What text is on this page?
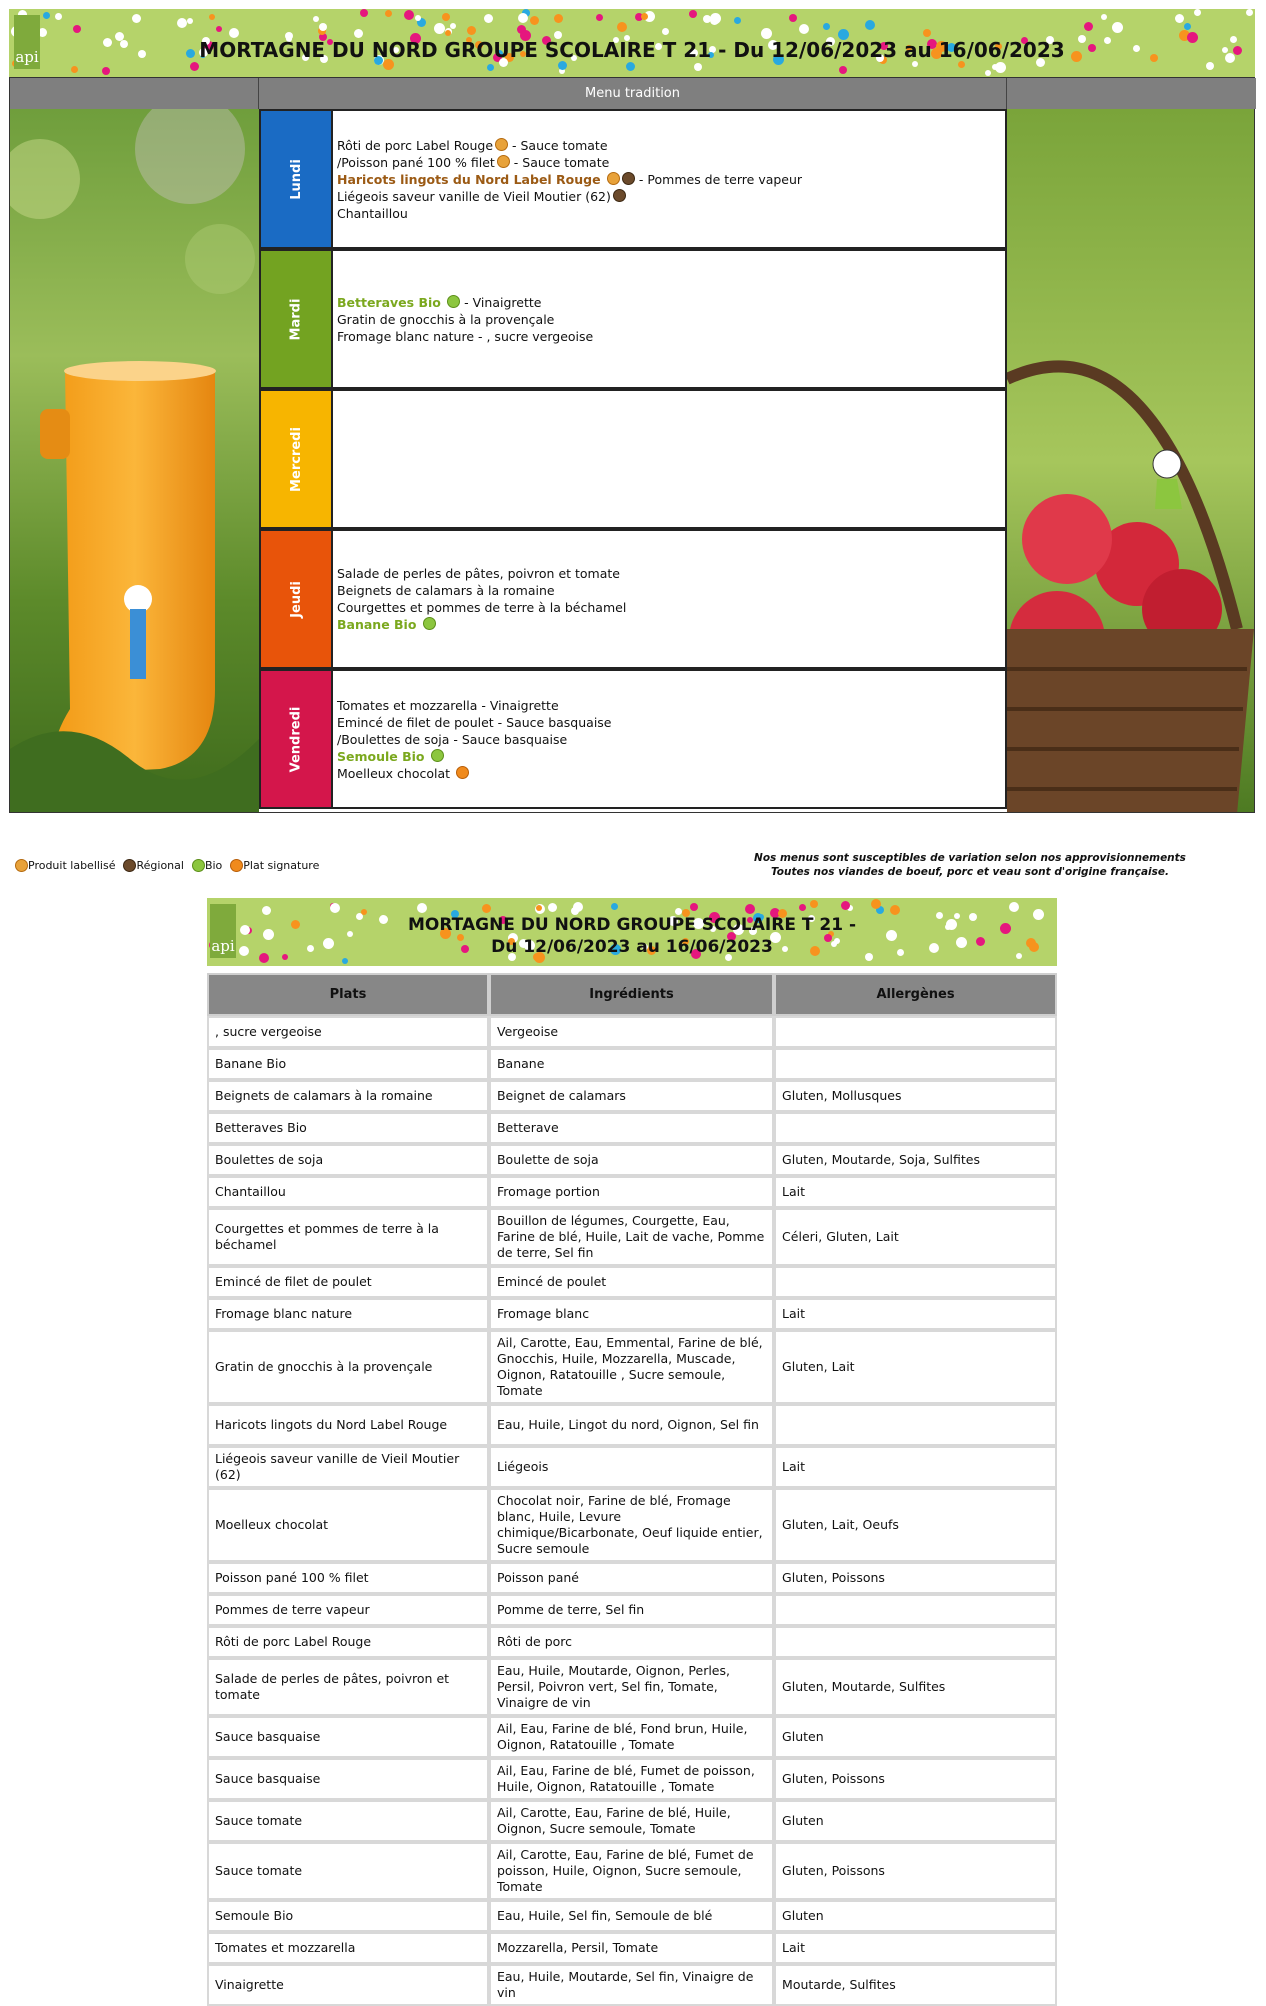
api	MORTAGNE DU NORD GROUPE SCOLAIRE T 21 - Du 12/06/2023 au 16/06/2023
Menu tradition
Lundi
Rôti de porc Label Rouge - Sauce tomate
/Poisson pané 100 % filet - Sauce tomate
Haricots lingots du Nord Label Rouge  - Pommes de terre vapeur
Liégeois saveur vanille de Vieil Moutier (62)
Chantaillou
Mardi	Betteraves Bio  - Vinaigrette
Gratin de gnocchis à la provençale
Fromage blanc nature - , sucre vergeoise
Mercredi
Jeudi
Salade de perles de pâtes, poivron et tomate
Beignets de calamars à la romaine
Courgettes et pommes de terre à la béchamel
Banane Bio
Vendredi
Tomates et mozzarella - Vinaigrette
Emincé de filet de poulet - Sauce basquaise
/Boulettes de soja - Sauce basquaise
Semoule Bio
Moelleux chocolat
Produit labellisé Régional Bio Plat signature
Nos menus sont susceptibles de variation selon nos approvisionnements
Toutes nos viandes de boeuf, porc et veau sont d'origine française.
api
MORTAGNE DU NORD GROUPE SCOLAIRE T 21 - Du 12/06/2023 au 16/06/2023
Plats	Ingrédients	Allergènes
, sucre vergeoise	Vergeoise	
Banane Bio	Banane	
Beignets de calamars à la romaine	Beignet de calamars	Gluten, Mollusques
Betteraves Bio	Betterave	
Boulettes de soja	Boulette de soja	Gluten, Moutarde, Soja, Sulfites
Chantaillou	Fromage portion	Lait
Courgettes et pommes de terre à la béchamel	Bouillon de légumes, Courgette, Eau, Farine de blé, Huile, Lait de vache, Pomme de terre, Sel fin	Céleri, Gluten, Lait
Emincé de filet de poulet	Emincé de poulet	
Fromage blanc nature	Fromage blanc	Lait
Gratin de gnocchis à la provençale	Ail, Carotte, Eau, Emmental, Farine de blé, Gnocchis, Huile, Mozzarella, Muscade, Oignon, Ratatouille , Sucre semoule, Tomate	Gluten, Lait
Haricots lingots du Nord Label Rouge	Eau, Huile, Lingot du nord, Oignon, Sel fin	
Liégeois saveur vanille de Vieil Moutier (62)	Liégeois	Lait
Moelleux chocolat	Chocolat noir, Farine de blé, Fromage blanc, Huile, Levure chimique/Bicarbonate, Oeuf liquide entier, Sucre semoule	Gluten, Lait, Oeufs
Poisson pané 100 % filet	Poisson pané	Gluten, Poissons
Pommes de terre vapeur	Pomme de terre, Sel fin	
Rôti de porc Label Rouge	Rôti de porc	
Salade de perles de pâtes, poivron et tomate	Eau, Huile, Moutarde, Oignon, Perles, Persil, Poivron vert, Sel fin, Tomate, Vinaigre de vin	Gluten, Moutarde, Sulfites
Sauce basquaise	Ail, Eau, Farine de blé, Fond brun, Huile, Oignon, Ratatouille , Tomate	Gluten
Sauce basquaise	Ail, Eau, Farine de blé, Fumet de poisson, Huile, Oignon, Ratatouille , Tomate	Gluten, Poissons
Sauce tomate	Ail, Carotte, Eau, Farine de blé, Huile, Oignon, Sucre semoule, Tomate	Gluten
Sauce tomate	Ail, Carotte, Eau, Farine de blé, Fumet de poisson, Huile, Oignon, Sucre semoule, Tomate	Gluten, Poissons
Semoule Bio	Eau, Huile, Sel fin, Semoule de blé	Gluten
Tomates et mozzarella	Mozzarella, Persil, Tomate	Lait
Vinaigrette	Eau, Huile, Moutarde, Sel fin, Vinaigre de vin	Moutarde, Sulfites
